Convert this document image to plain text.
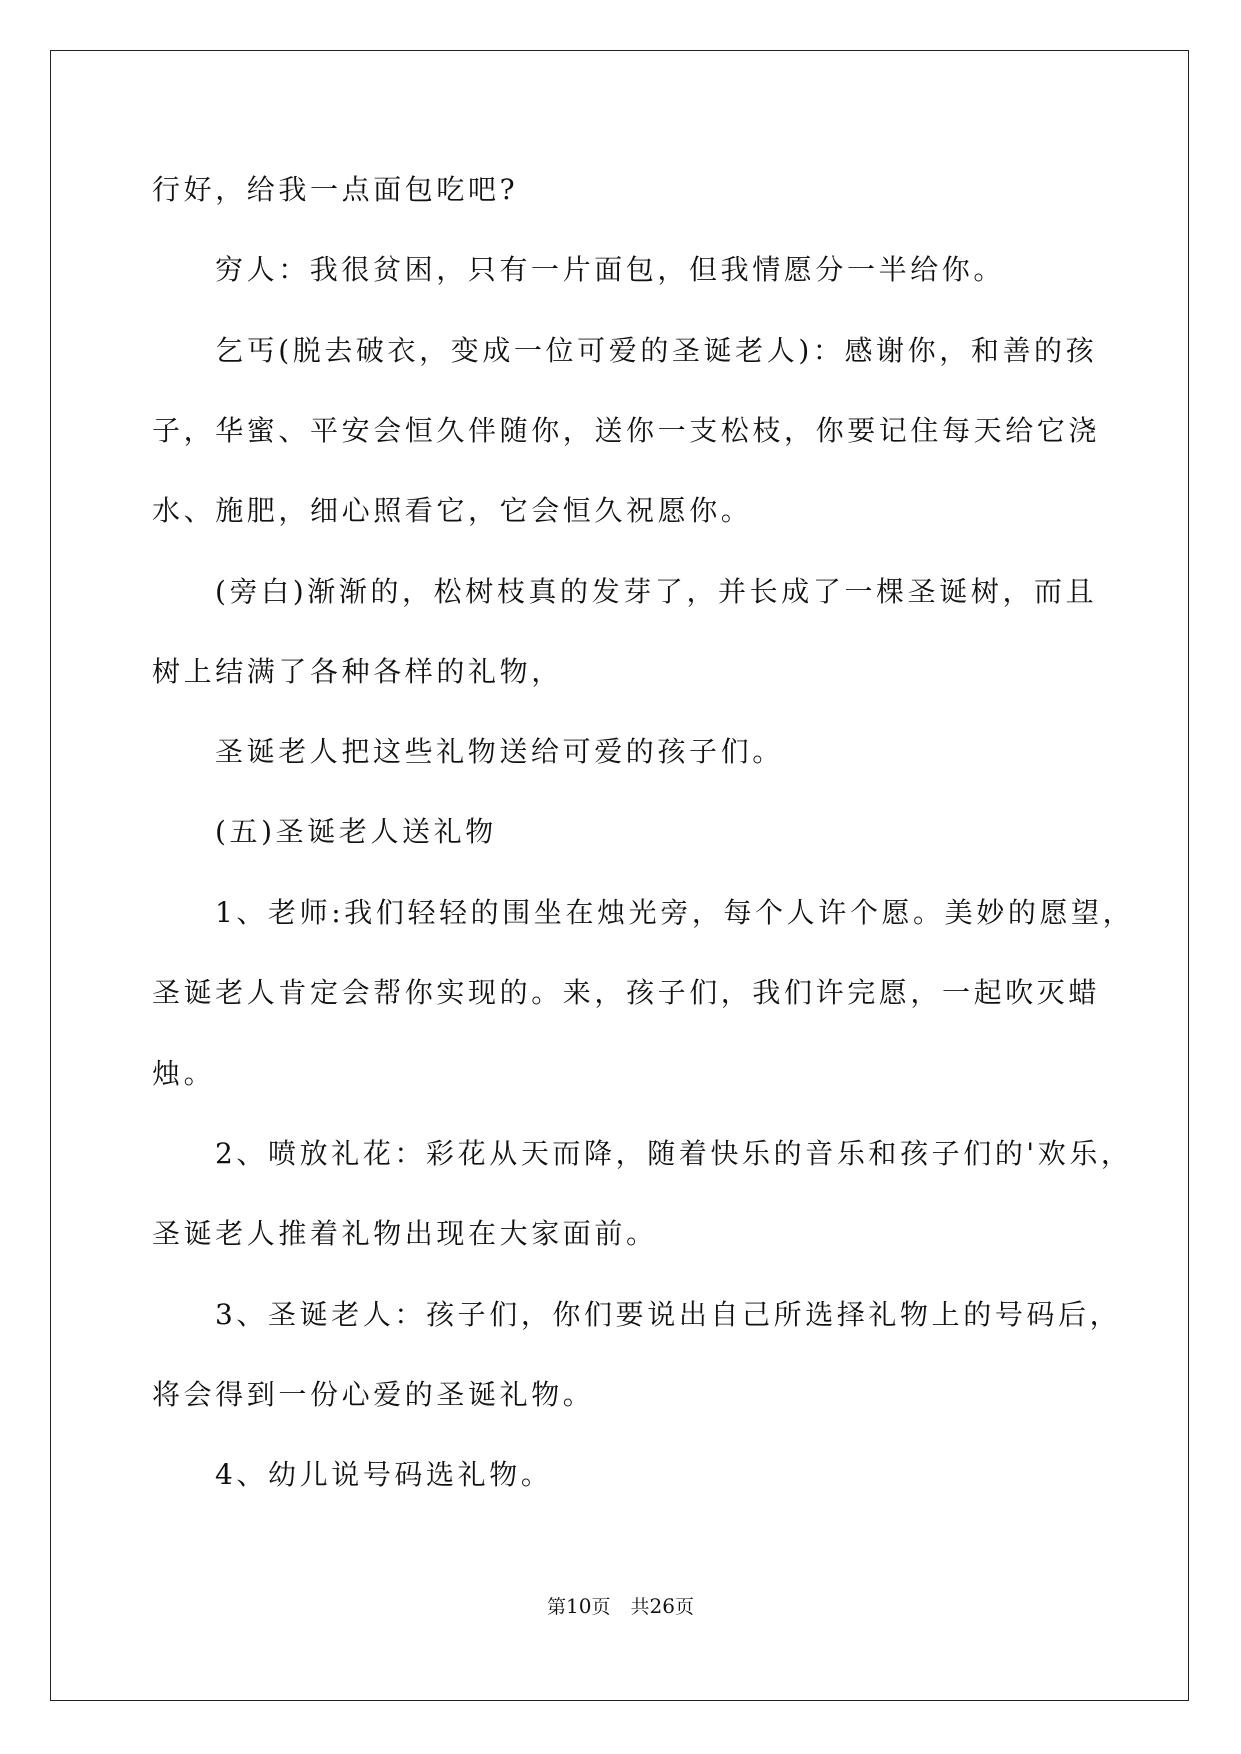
行好，给我一点面包吃吧?

穷人：我很贫困，只有一片面包，但我情愿分一半给你。

乞丐(脱去破衣，变成一位可爱的圣诞老人)：感谢你，和善的孩

子，华蜜、平安会恒久伴随你，送你一支松枝，你要记住每天给它浇

水、施肥，细心照看它，它会恒久祝愿你。

(旁白)渐渐的，松树枝真的发芽了，并长成了一棵圣诞树，而且

树上结满了各种各样的礼物，

圣诞老人把这些礼物送给可爱的孩子们。

(五)圣诞老人送礼物

1、老师:我们轻轻的围坐在烛光旁，每个人许个愿。美妙的愿望，

圣诞老人肯定会帮你实现的。来，孩子们，我们许完愿，一起吹灭蜡

烛。

2、喷放礼花：彩花从天而降，随着快乐的音乐和孩子们的'欢乐，

圣诞老人推着礼物出现在大家面前。

3、圣诞老人：孩子们，你们要说出自己所选择礼物上的号码后，

将会得到一份心爱的圣诞礼物。

4、幼儿说号码选礼物。

第10页 共26页
